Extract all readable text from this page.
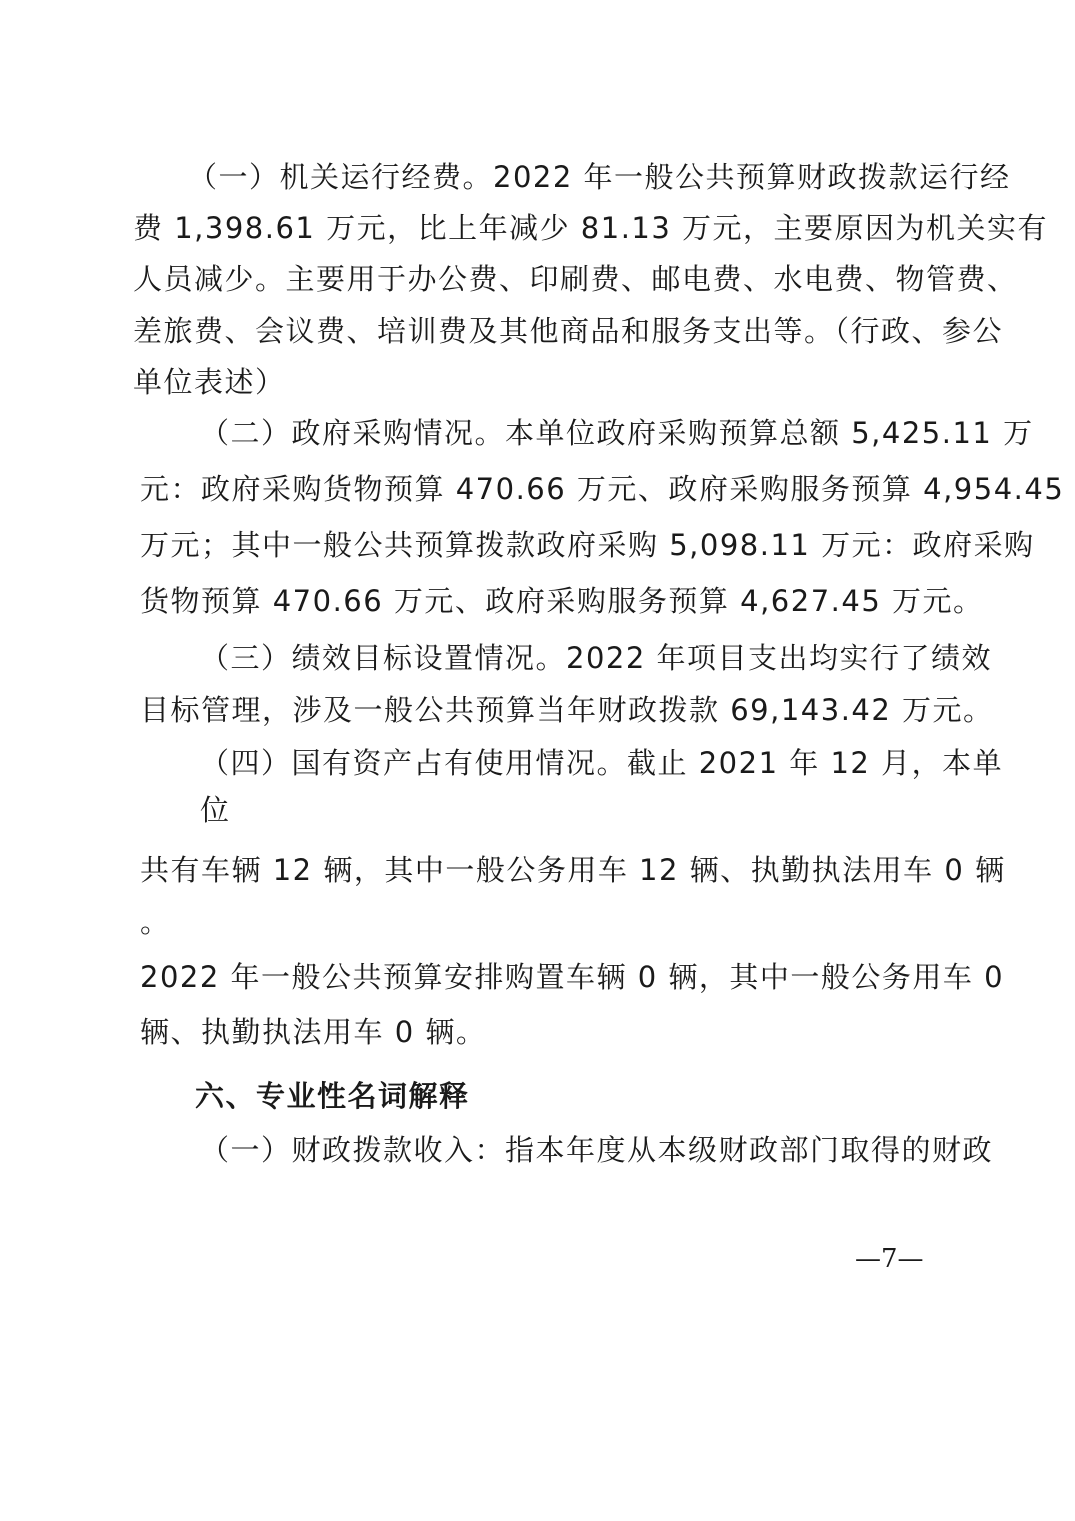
（一）机关运行经费。2022 年一般公共预算财政拨款运行经
费 1,398.61 万元，比上年减少 81.13 万元，主要原因为机关实有
人员减少。主要用于办公费、印刷费、邮电费、水电费、物管费、
差旅费、会议费、培训费及其他商品和服务支出等。（行政、参公
单位表述）
（二）政府采购情况。本单位政府采购预算总额 5,425.11 万
元：政府采购货物预算 470.66 万元、政府采购服务预算 4,954.45
万元；其中一般公共预算拨款政府采购 5,098.11 万元：政府采购
货物预算 470.66 万元、政府采购服务预算 4,627.45 万元。
（三）绩效目标设置情况。2022 年项目支出均实行了绩效
目标管理，涉及一般公共预算当年财政拨款 69,143.42 万元。
（四）国有资产占有使用情况。截止 2021 年 12 月，本单
位
共有车辆 12 辆，其中一般公务用车 12 辆、执勤执法用车 0 辆
。
2022 年一般公共预算安排购置车辆 0 辆，其中一般公务用车 0
辆、执勤执法用车 0 辆。
六、专业性名词解释
（一）财政拨款收入：指本年度从本级财政部门取得的财政
—7—
